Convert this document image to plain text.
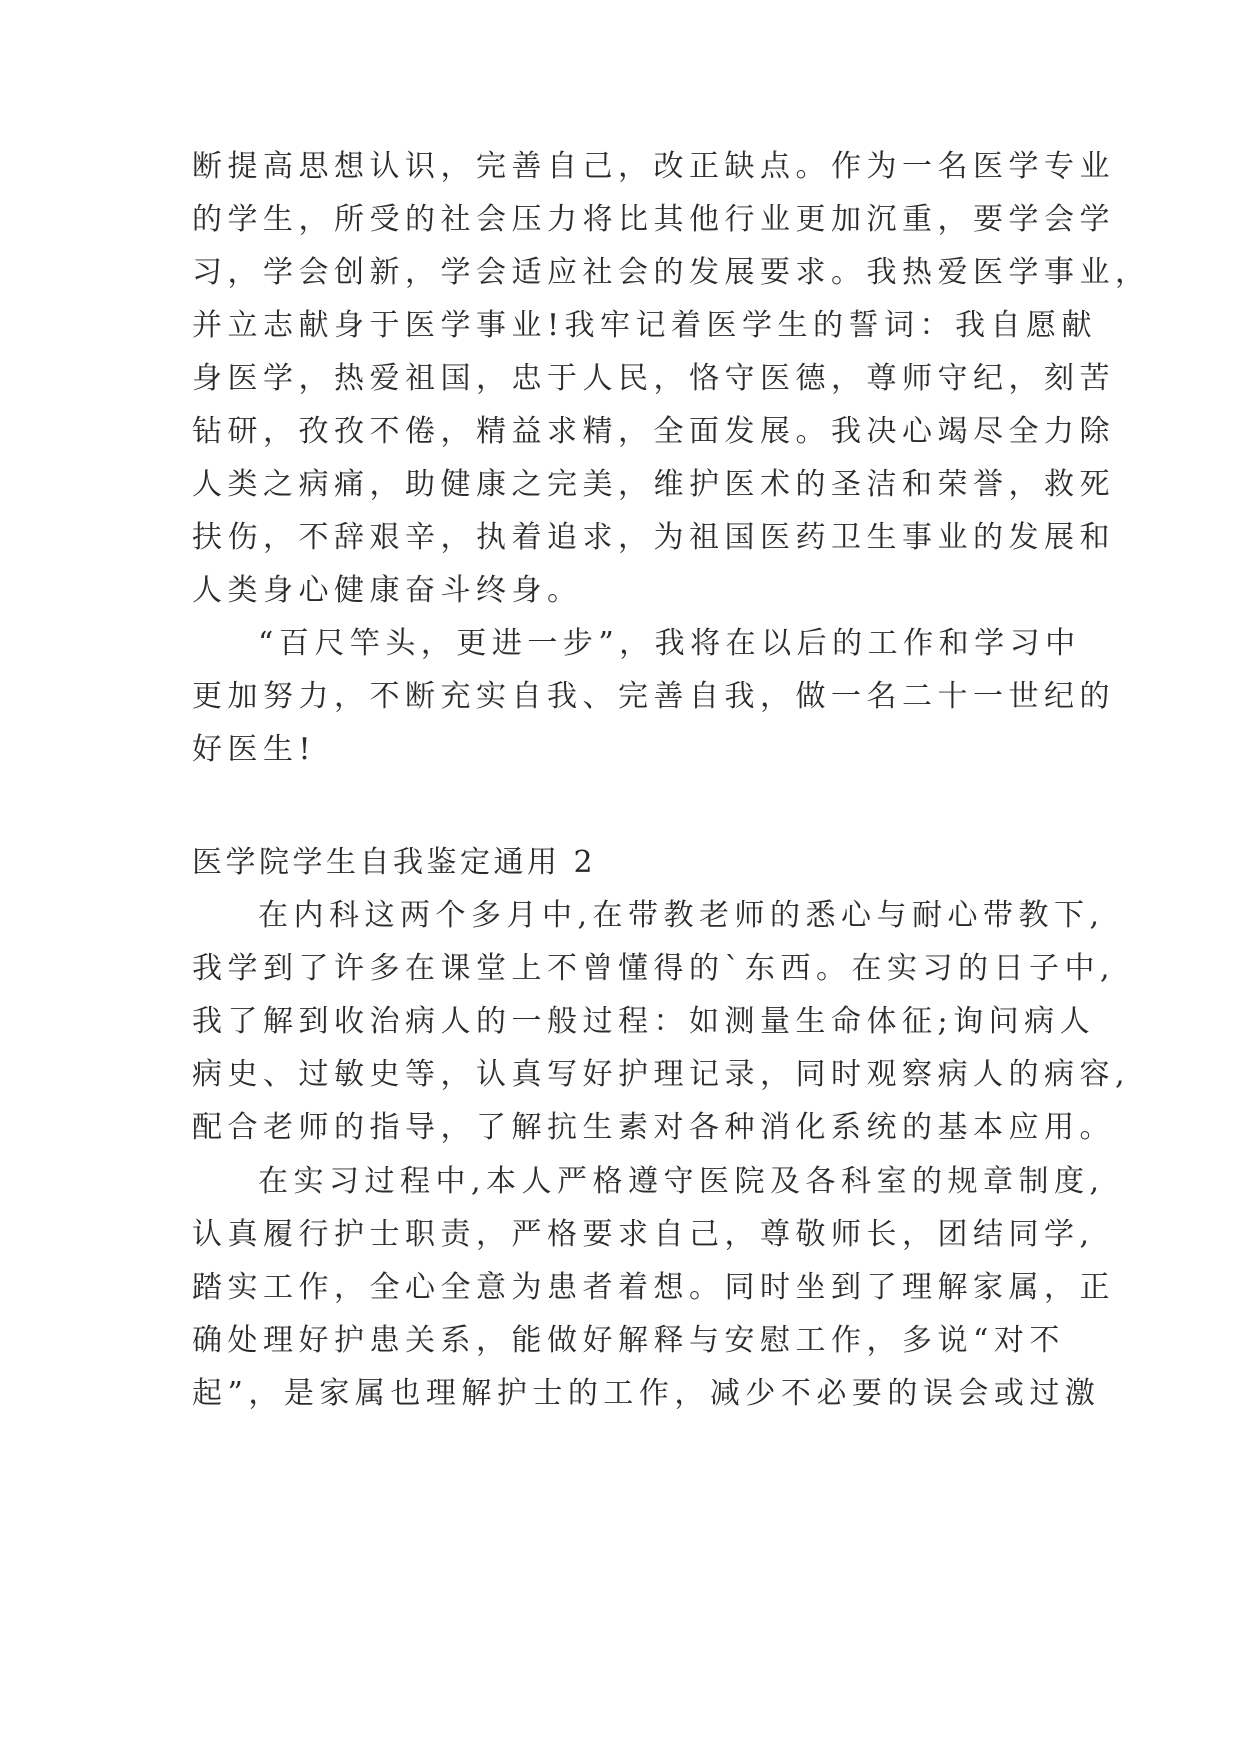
断提高思想认识，完善自己，改正缺点。作为一名医学专业
的学生，所受的社会压力将比其他行业更加沉重，要学会学
习，学会创新，学会适应社会的发展要求。我热爱医学事业，
并立志献身于医学事业!我牢记着医学生的誓词：我自愿献
身医学，热爱祖国，忠于人民，恪守医德，尊师守纪，刻苦
钻研，孜孜不倦，精益求精，全面发展。我决心竭尽全力除
人类之病痛，助健康之完美，维护医术的圣洁和荣誉，救死
扶伤，不辞艰辛，执着追求，为祖国医药卫生事业的发展和
人类身心健康奋斗终身。
“百尺竿头，更进一步”，我将在以后的工作和学习中
更加努力，不断充实自我、完善自我，做一名二十一世纪的
好医生!
医学院学生自我鉴定通用 2
在内科这两个多月中,在带教老师的悉心与耐心带教下,
我学到了许多在课堂上不曾懂得的`东西。在实习的日子中,
我了解到收治病人的一般过程：如测量生命体征;询问病人
病史、过敏史等，认真写好护理记录，同时观察病人的病容,
配合老师的指导，了解抗生素对各种消化系统的基本应用。
在实习过程中,本人严格遵守医院及各科室的规章制度,
认真履行护士职责，严格要求自己，尊敬师长，团结同学,
踏实工作，全心全意为患者着想。同时坐到了理解家属，正
确处理好护患关系，能做好解释与安慰工作，多说“对不
起”，是家属也理解护士的工作，减少不必要的误会或过激
